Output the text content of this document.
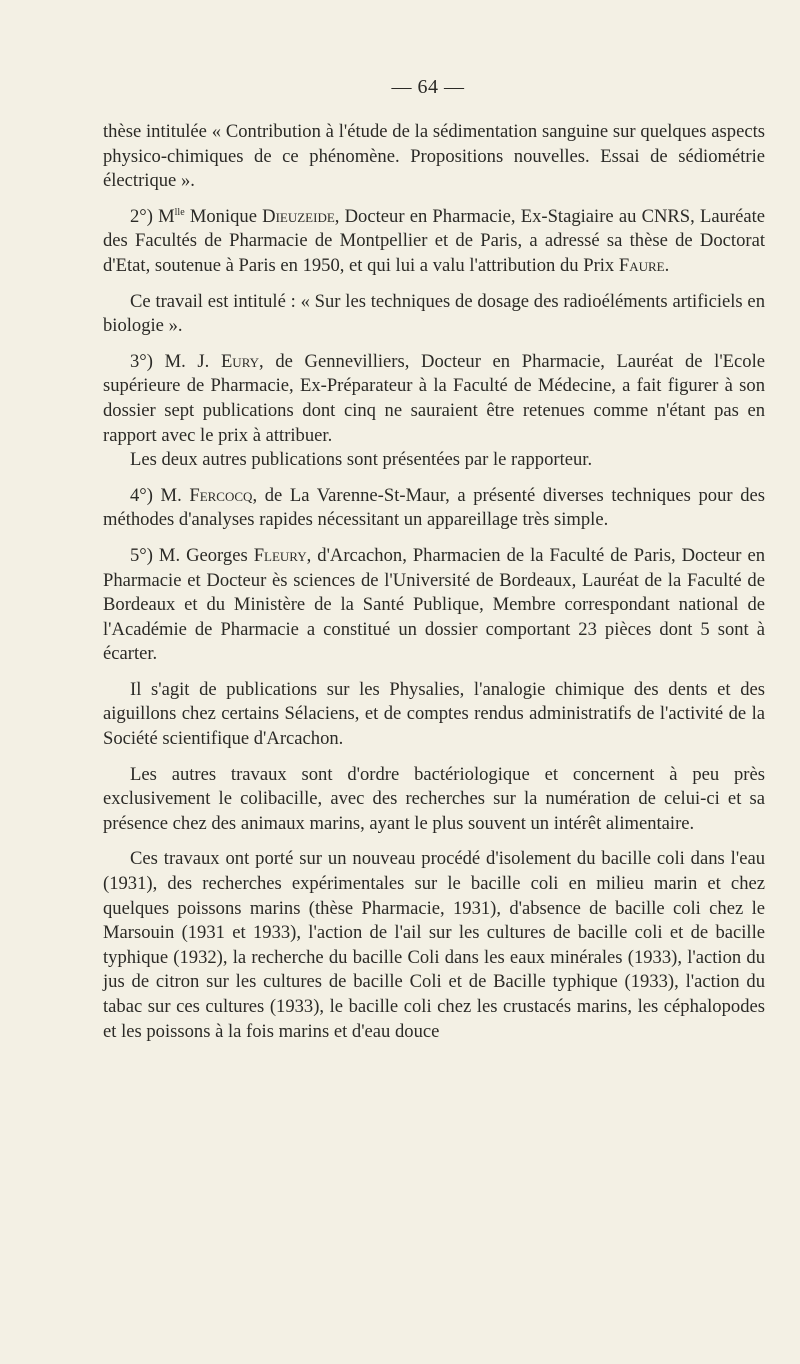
— 64 —

thèse intitulée « Contribution à l'étude de la sédimentation sanguine sur quelques aspects physico-chimiques de ce phénomène. Propositions nouvelles. Essai de sédiométrie électrique ».

2°) $M^{lle}$ Monique Dieuzeide, Docteur en Pharmacie, Ex-Stagiaire au CNRS, Lauréate des Facultés de Pharmacie de Montpellier et de Paris, a adressé sa thèse de Doctorat d'Etat, soutenue à Paris en 1950, et qui lui a valu l'attribution du Prix Faure.

Ce travail est intitulé : « Sur les techniques de dosage des radioéléments artificiels en biologie ».

3°) M. J. Eury, de Gennevilliers, Docteur en Pharmacie, Lauréat de l'Ecole supérieure de Pharmacie, Ex-Préparateur à la Faculté de Médecine, a fait figurer à son dossier sept publications dont cinq ne sauraient être retenues comme n'étant pas en rapport avec le prix à attribuer.

Les deux autres publications sont présentées par le rapporteur.

4°) M. Fercocq, de La Varenne-St-Maur, a présenté diverses techniques pour des méthodes d'analyses rapides nécessitant un appareillage très simple.

5°) M. Georges Fleury, d'Arcachon, Pharmacien de la Faculté de Paris, Docteur en Pharmacie et Docteur ès sciences de l'Université de Bordeaux, Lauréat de la Faculté de Bordeaux et du Ministère de la Santé Publique, Membre correspondant national de l'Académie de Pharmacie a constitué un dossier comportant 23 pièces dont 5 sont à écarter.

Il s'agit de publications sur les Physalies, l'analogie chimique des dents et des aiguillons chez certains Sélaciens, et de comptes rendus administratifs de l'activité de la Société scientifique d'Arcachon.

Les autres travaux sont d'ordre bactériologique et concernent à peu près exclusivement le colibacille, avec des recherches sur la numération de celui-ci et sa présence chez des animaux marins, ayant le plus souvent un intérêt alimentaire.

Ces travaux ont porté sur un nouveau procédé d'isolement du bacille coli dans l'eau (1931), des recherches expérimentales sur le bacille coli en milieu marin et chez quelques poissons marins (thèse Pharmacie, 1931), d'absence de bacille coli chez le Marsouin (1931 et 1933), l'action de l'ail sur les cultures de bacille coli et de bacille typhique (1932), la recherche du bacille Coli dans les eaux minérales (1933), l'action du jus de citron sur les cultures de bacille Coli et de Bacille typhique (1933), l'action du tabac sur ces cultures (1933), le bacille coli chez les crustacés marins, les céphalopodes et les poissons à la fois marins et d'eau douce
